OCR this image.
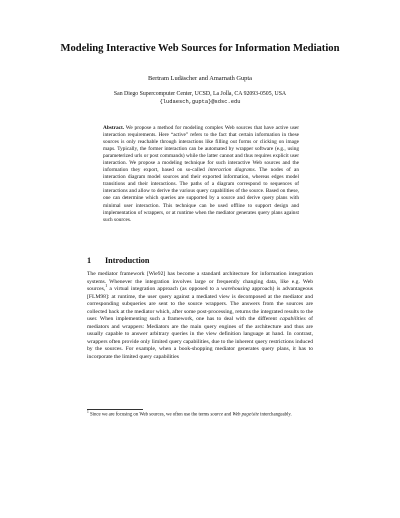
Modeling Interactive Web Sources for Information Mediation
Bertram Ludäscher and Amarnath Gupta
San Diego Supercomputer Center, UCSD, La Jolla, CA 92093-0505, USA
{ludaesch,gupta}@sdsc.edu
Abstract. We propose a method for modeling complex Web sources that have active user interaction requirements. Here “active” refers to the fact that certain information in these sources is only reachable through interactions like filling out forms or clicking on image maps. Typically, the former interaction can be automated by wrapper software (e.g., using parameterized urls or post commands) while the latter cannot and thus requires explicit user interaction. We propose a modeling technique for such interactive Web sources and the information they export, based on so-called interaction diagrams. The nodes of an interaction diagram model sources and their exported information, whereas edges model transitions and their interactions. The paths of a diagram correspond to sequences of interactions and allow to derive the various query capabilities of the source. Based on these, one can determine which queries are supported by a source and derive query plans with minimal user interaction. This technique can be used offline to support design and implementation of wrappers, or at runtime when the mediator generates query plans against such sources.
1 Introduction
The mediator framework [Wie92] has become a standard architecture for information integration systems. Whenever the integration involves large or frequently changing data, like e.g. Web sources,$^1$ a virtual integration approach (as opposed to a warehousing approach) is advantageous [FLM98]: at runtime, the user query against a mediated view is decomposed at the mediator and corresponding subqueries are sent to the source wrappers. The answers from the sources are collected back at the mediator which, after some post-processing, returns the integrated results to the user. When implementing such a framework, one has to deal with the different capabilities of mediators and wrappers: Mediators are the main query engines of the architecture and thus are usually capable to answer arbitrary queries in the view definition language at hand. In contrast, wrappers often provide only limited query capabilities, due to the inherent query restrictions induced by the sources. For example, when a book-shopping mediator generates query plans, it has to incorporate the limited query capabilities
$^1$ Since we are focusing on Web sources, we often use the terms source and Web page/site interchangeably.
